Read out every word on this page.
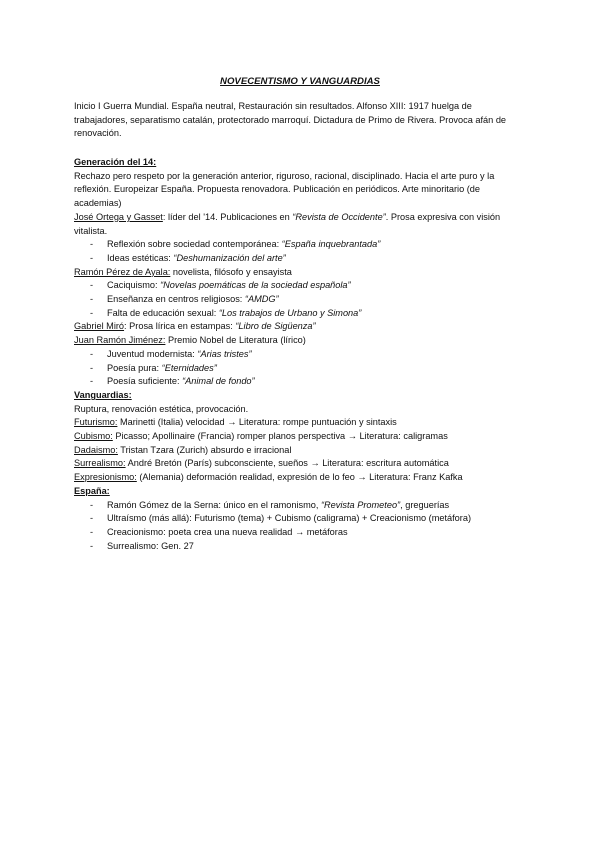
NOVECENTISMO Y VANGUARDIAS
Inicio I Guerra Mundial. España neutral, Restauración sin resultados. Alfonso XIII: 1917 huelga de trabajadores, separatismo catalán, protectorado marroquí. Dictadura de Primo de Rivera. Provoca afán de renovación.
Generación del 14:
Rechazo pero respeto por la generación anterior, riguroso, racional, disciplinado. Hacia el arte puro y la reflexión. Europeizar España. Propuesta renovadora. Publicación en periódicos. Arte minoritario (de academias)
José Ortega y Gasset: líder del '14. Publicaciones en “Revista de Occidente”. Prosa expresiva con visión vitalista.
- Reflexión sobre sociedad contemporánea: “España inquebrantada”
- Ideas estéticas: “Deshumanización del arte”
Ramón Pérez de Ayala: novelista, filósofo y ensayista
- Caciquismo: “Novelas poemáticas de la sociedad española”
- Enseñanza en centros religiosos: “AMDG”
- Falta de educación sexual: “Los trabajos de Urbano y Simona”
Gabriel Miró: Prosa lírica en estampas: “Libro de Sigüenza”
Juan Ramón Jiménez: Premio Nobel de Literatura (lírico)
- Juventud modernista: “Arias tristes”
- Poesía pura: “Eternidades”
- Poesía suficiente: “Animal de fondo”
Vanguardias:
Ruptura, renovación estética, provocación.
Futurismo: Marinetti (Italia) velocidad → Literatura: rompe puntuación y sintaxis
Cubismo: Picasso; Apollinaire (Francia) romper planos perspectiva → Literatura: caligramas
Dadaismo: Tristan Tzara (Zurich) absurdo e irracional
Surrealismo: André Bretón (París) subconsciente, sueños → Literatura: escritura automática
Expresionismo: (Alemania) deformación realidad, expresión de lo feo → Literatura: Franz Kafka
España:
- Ramón Gómez de la Serna: único en el ramonismo, “Revista Prometeo”, greguerías
- Ultraísmo (más allá): Futurismo (tema) + Cubismo (caligrama) + Creacionismo (metáfora)
- Creacionismo: poeta crea una nueva realidad → metáforas
- Surrealismo: Gen. 27
